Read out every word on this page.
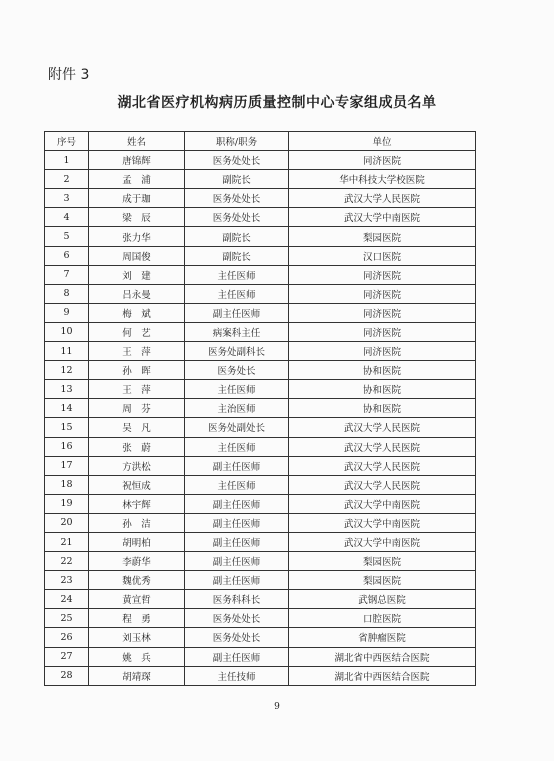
附件 3
湖北省医疗机构病历质量控制中心专家组成员名单
序号	姓名	职称/职务	单位
1	唐锦辉	医务处处长	同济医院
2	孟　浦	副院长	华中科技大学校医院
3	成于珈	医务处处长	武汉大学人民医院
4	梁　辰	医务处处长	武汉大学中南医院
5	张力华	副院长	梨园医院
6	周国俊	副院长	汉口医院
7	刘　建	主任医师	同济医院
8	吕永曼	主任医师	同济医院
9	梅　斌	副主任医师	同济医院
10	何　艺	病案科主任	同济医院
11	王　萍	医务处副科长	同济医院
12	孙　晖	医务处长	协和医院
13	王　萍	主任医师	协和医院
14	周　芬	主治医师	协和医院
15	吴　凡	医务处副处长	武汉大学人民医院
16	张　蔚	主任医师	武汉大学人民医院
17	方洪松	副主任医师	武汉大学人民医院
18	祝恒成	主任医师	武汉大学人民医院
19	林宇辉	副主任医师	武汉大学中南医院
20	孙　洁	副主任医师	武汉大学中南医院
21	胡明柏	副主任医师	武汉大学中南医院
22	李蔚华	副主任医师	梨园医院
23	魏优秀	副主任医师	梨园医院
24	黄宣哲	医务科科长	武钢总医院
25	程　勇	医务处处长	口腔医院
26	刘玉林	医务处处长	省肿瘤医院
27	姚　兵	副主任医师	湖北省中西医结合医院
28	胡靖琛	主任技师	湖北省中西医结合医院
9
